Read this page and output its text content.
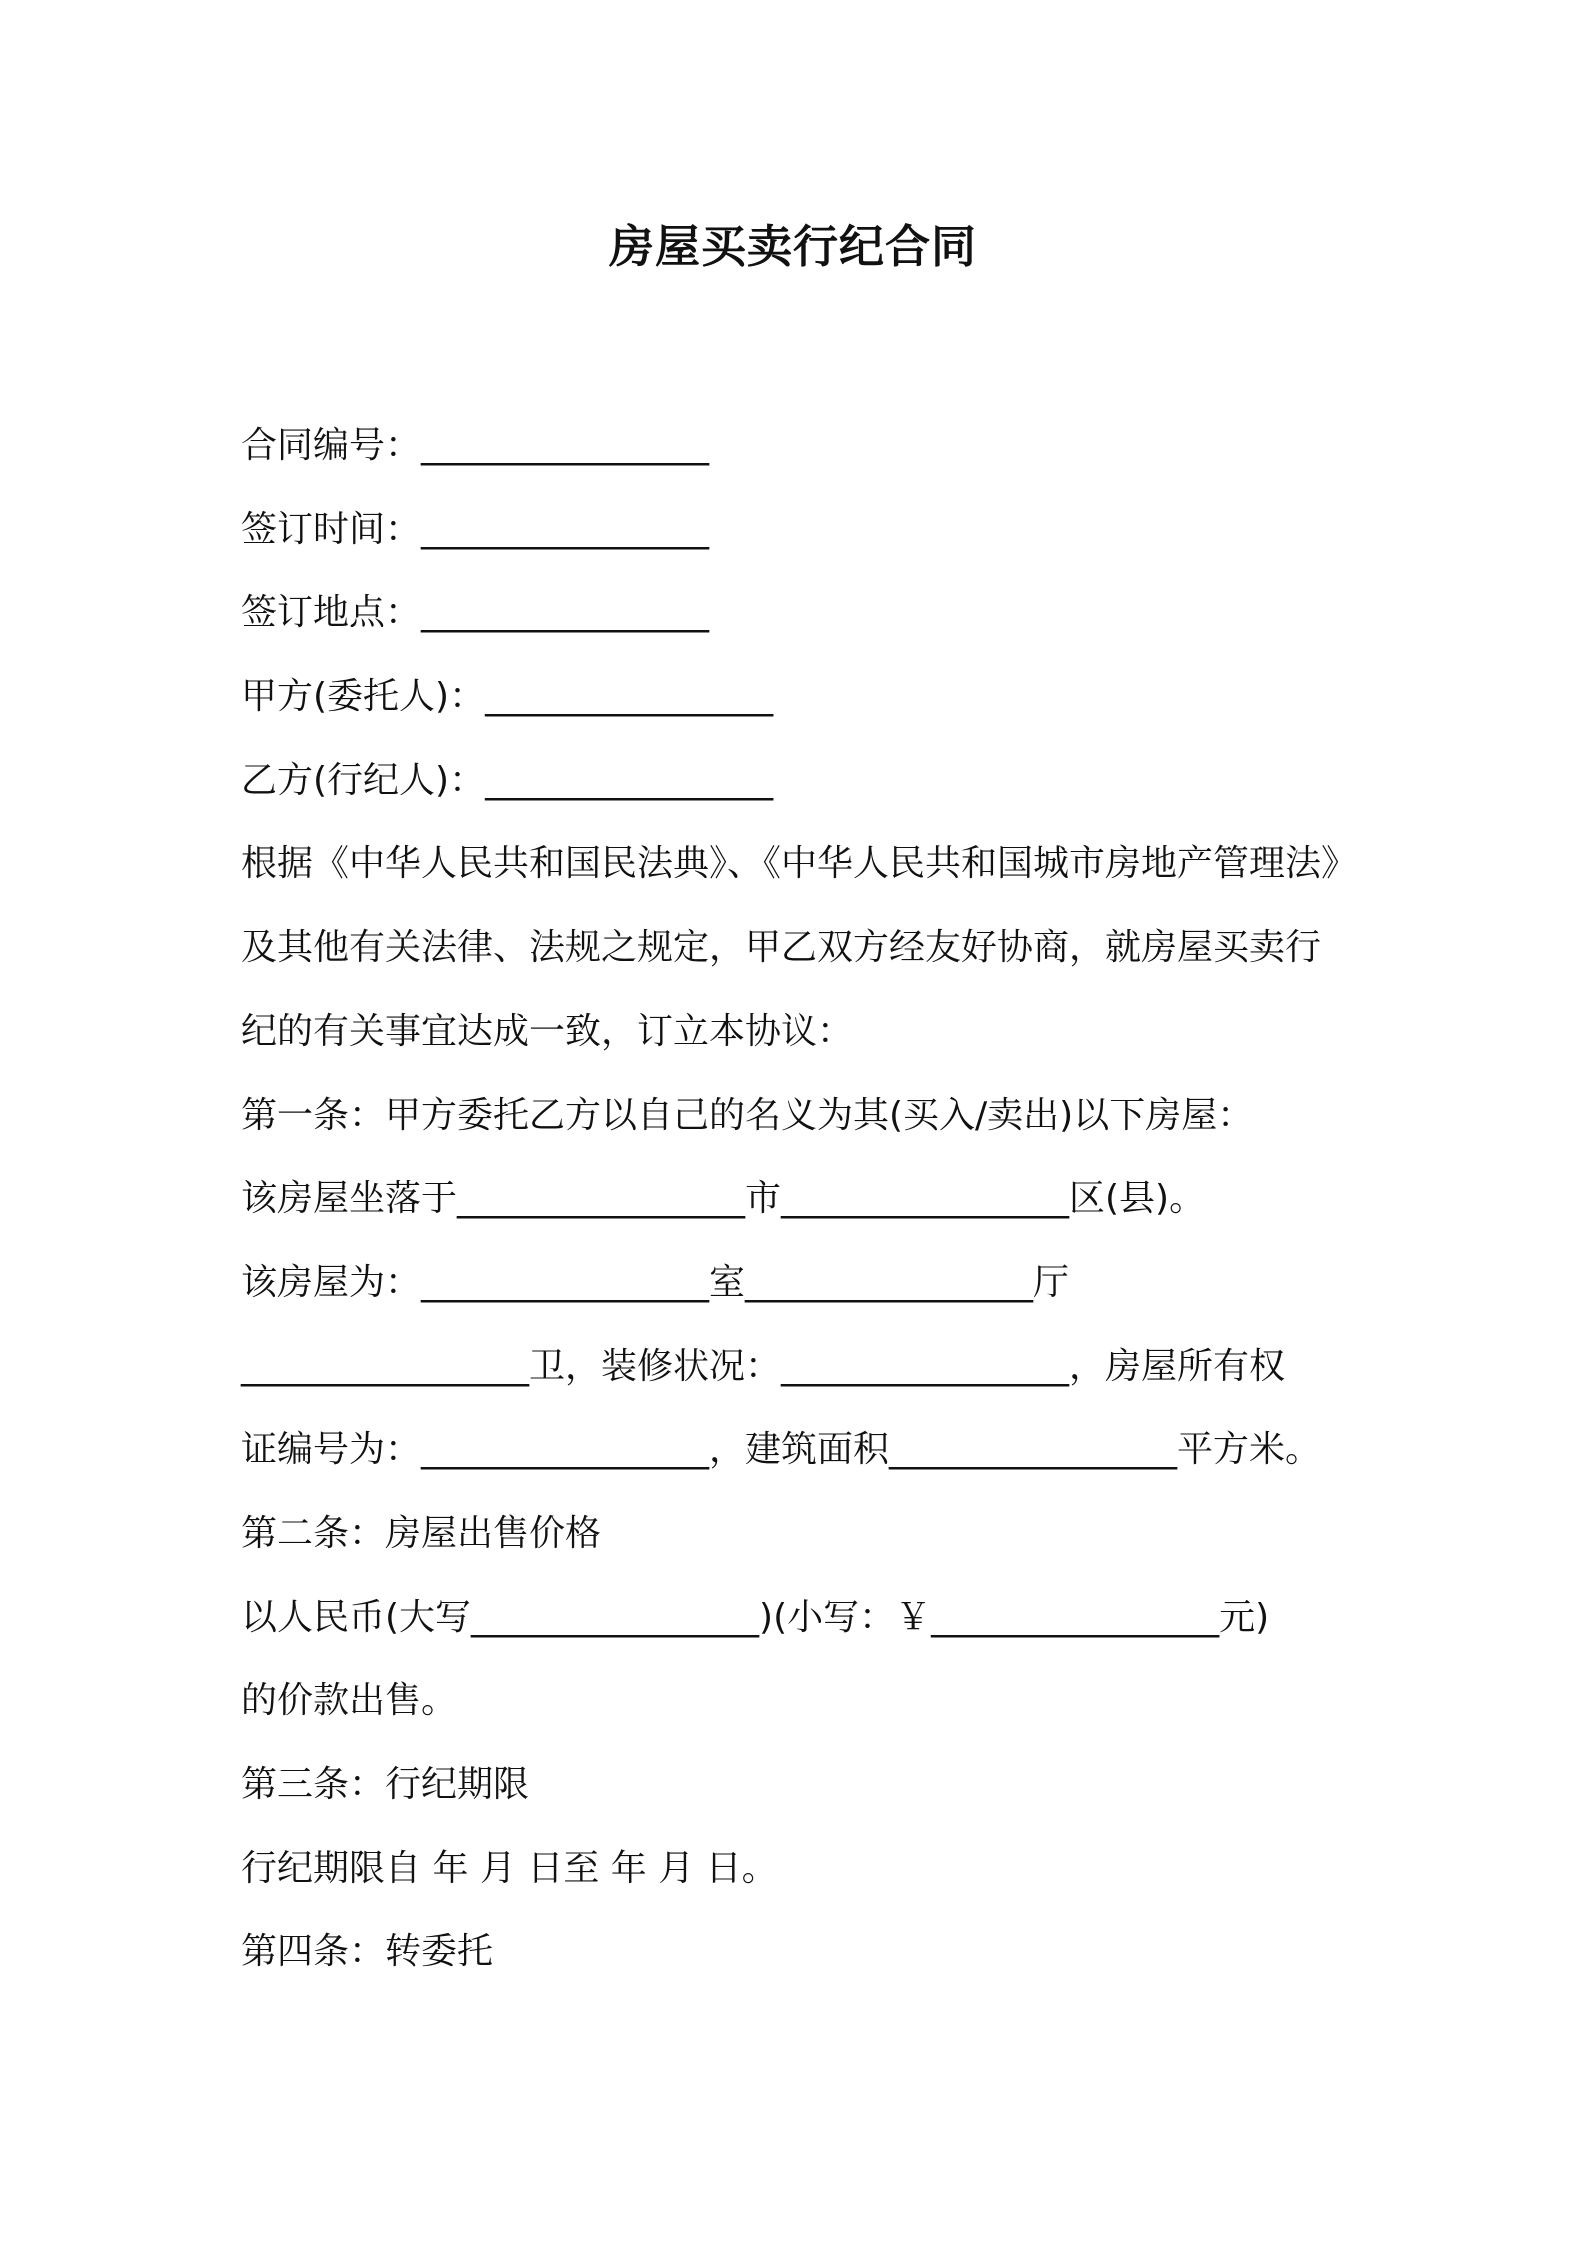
房屋买卖行纪合同
合同编号：________________
签订时间：________________
签订地点：________________
甲方(委托人)：________________
乙方(行纪人)：________________
根据《中华人民共和国民法典》、《中华人民共和国城市房地产管理法》
及其他有关法律、法规之规定，甲乙双方经友好协商，就房屋买卖行
纪的有关事宜达成一致，订立本协议：
第一条：甲方委托乙方以自己的名义为其(买入/卖出)以下房屋：
该房屋坐落于________________市________________区(县)。
该房屋为：________________室________________厅
________________卫，装修状况：________________，房屋所有权
证编号为：________________，建筑面积________________平方米。
第二条：房屋出售价格
以人民币(大写________________)(小写：￥________________元)
的价款出售。
第三条：行纪期限
行纪期限自 年 月 日至 年 月 日。
第四条：转委托
